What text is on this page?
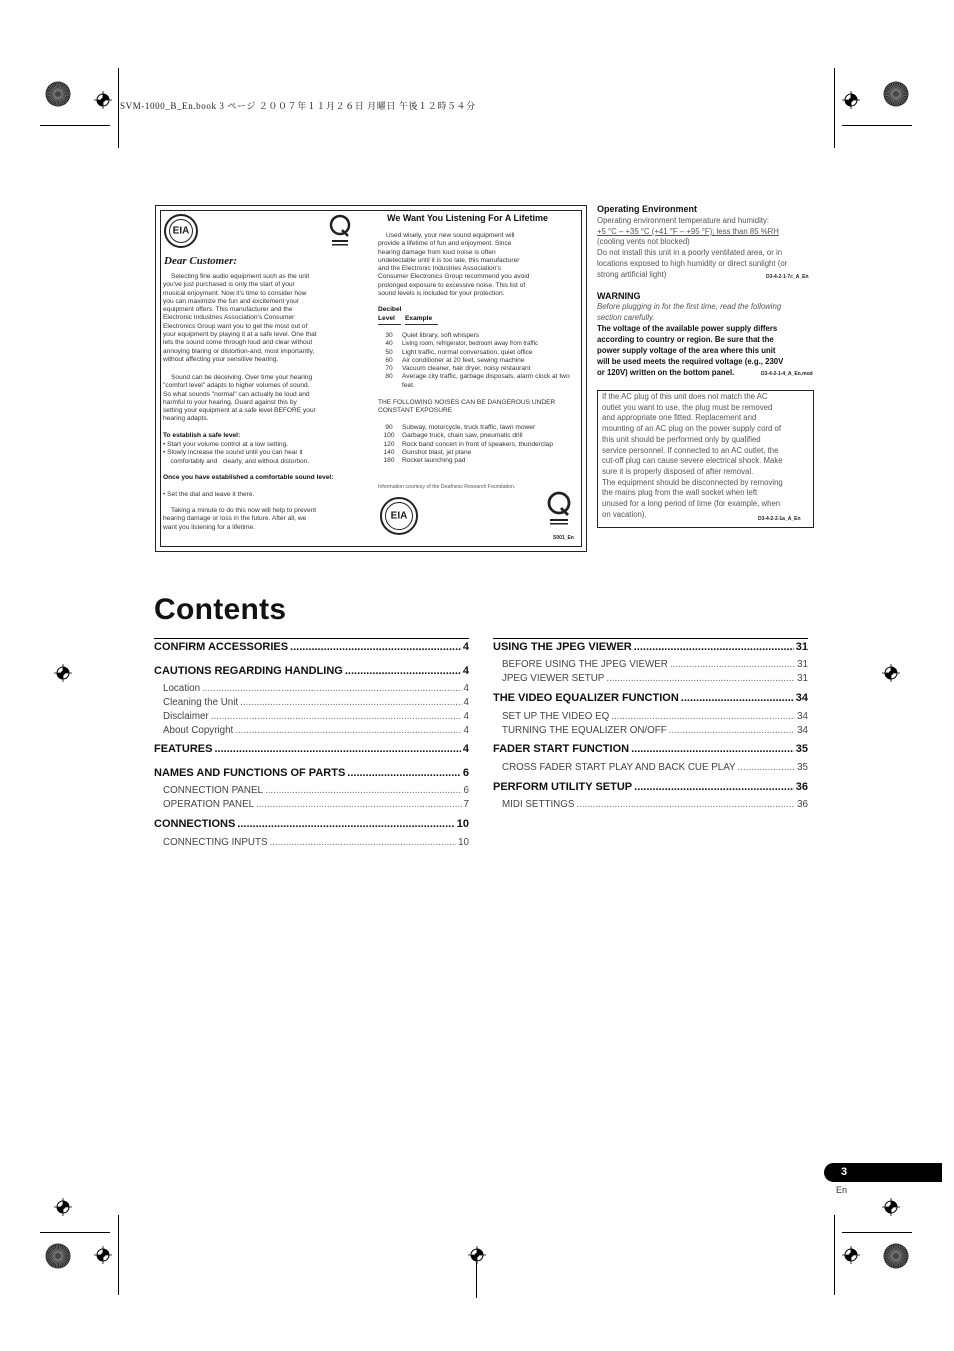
SVM-1000_B_En.book 3 ページ ２００７年１１月２６日 月曜日 午後１２時５４分
EIA
Dear Customer:
Selecting fine audio equipment such as the unit
you've just purchased is only the start of your
musical enjoyment. Now it's time to consider how
you can maximize the fun and excitement your
equipment offers. This manufacturer and the
Electronic Industries Association's Consumer
Electronics Group want you to get the most out of
your equipment by playing it at a safe level. One that
lets the sound come through loud and clear without
annoying blaring or distortion-and, most importantly,
without affecting your sensitive hearing.
Sound can be deceiving. Over time your hearing
"comfort level" adapts to higher volumes of sound.
So what sounds "normal" can actually be loud and
harmful to your hearing. Guard against this by
setting your equipment at a safe level BEFORE your
hearing adapts.
To establish a safe level:
• Start your volume control at a low setting.
• Slowly increase the sound until you can hear it
comfortably and   clearly, and without distortion.
Once you have established a comfortable sound level:
• Set the dial and leave it there.
Taking a minute to do this now will help to prevent
hearing damage or loss in the future. After all, we
want you listening for a lifetime.
We Want You Listening For A Lifetime
Used wisely, your new sound equipment will
provide a lifetime of fun and enjoyment. Since
hearing damage from loud noise is often
undetectable until it is too late, this manufacturer
and the Electronic Industries Association's
Consumer Electronics Group recommend you avoid
prolonged exposure to excessive noise. This list of
sound levels is included for your protection.
Decibel Level	Example
30	Quiet library, soft whispers
40	Living room, refrigerator, bedroom away from traffic
50	Light traffic, normal conversation, quiet office
60	Air conditioner at 20 feet, sewing machine
70	Vacuum cleaner, hair dryer, noisy restaurant
80	Average city traffic, garbage disposals, alarm clock at two feet.
THE FOLLOWING NOISES CAN BE DANGEROUS UNDER CONSTANT EXPOSURE
90	Subway, motorcycle, truck traffic, lawn mower
100	Garbage truck, chain saw, pneumatic drill
120	Rock band concert in front of speakers; thunderclap
140	Gunshot blast, jet plane
180	Rocket launching pad
Information courtesy of the Deafness Research Foundation.
EIA
S001_En
Operating Environment
Operating environment temperature and humidity:
+5 °C – +35 °C (+41 °F – +95 °F); less than 85 %RH
(cooling vents not blocked)
Do not install this unit in a poorly ventilated area, or in
locations exposed to high humidity or direct sunlight (or
strong artificial light)	D3-4-2-1-7c_A_En
WARNING
Before plugging in for the first time, read the following
section carefully.
The voltage of the available power supply differs
according to country or region. Be sure that the
power supply voltage of the area where this unit
will be used meets the required voltage (e.g., 230V
or 120V) written on the bottom panel.	D3-4-2-1-4_A_En.mod
If the AC plug of this unit does not match the AC
outlet you want to use, the plug must be removed
and appropriate one fitted. Replacement and
mounting of an AC plug on the power supply cord of
this unit should be performed only by qualified
service personnel. If connected to an AC outlet, the
cut-off plug can cause severe electrical shock. Make
sure it is properly disposed of after removal.
The equipment should be disconnected by removing
the mains plug from the wall socket when left
unused for a long period of time (for example, when
on vacation).
D3-4-2-2-1a_A_En
Contents
CONFIRM ACCESSORIES .....	4
CAUTIONS REGARDING HANDLING .....	4
Location .....	4
Cleaning the Unit .....	4
Disclaimer .....	4
About Copyright .....	4
FEATURES .....	4
NAMES AND FUNCTIONS OF PARTS .....	6
CONNECTION PANEL .....	6
OPERATION PANEL .....	7
CONNECTIONS .....	10
CONNECTING INPUTS .....	10
USING THE JPEG VIEWER .....	31
BEFORE USING THE JPEG VIEWER .....	31
JPEG VIEWER SETUP .....	31
THE VIDEO EQUALIZER FUNCTION .....	34
SET UP THE VIDEO EQ .....	34
TURNING THE EQUALIZER ON/OFF .....	34
FADER START FUNCTION .....	35
CROSS FADER START PLAY AND BACK CUE PLAY .....	35
PERFORM UTILITY SETUP .....	36
MIDI SETTINGS .....	36
3
En
